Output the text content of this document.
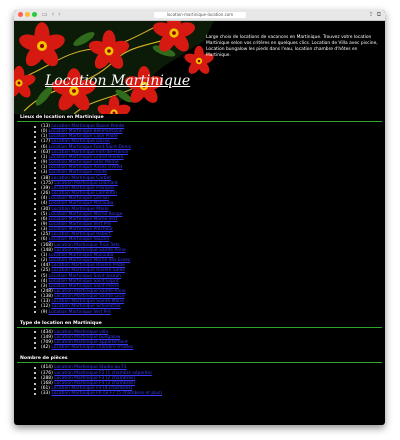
▭ ‹ ›	location-martinique-location.com	⇪ ⧉
Location Martinique
Large choix de locations de vacances en Martinique. Trouvez votre location Martinique selon vos critères en quelques clics. Location de Villa avec piscine, Location bungalow les pieds dans l'eau, location chambre d'hôtes en Martinique.
Lieux de location en Martinique
(13) Location Martinique Basse Pointe
(0) Location Martinique Bellefontaine
(1) Location Martinique Case Pilote
(17) Location Martinique Ducos
(6) Location Martinique Fond-Saint-Denis
(63) Location Martinique Fort-de-France
(1) Location Martinique Grand Rivière
(9) Location Martinique Gros Morne
(1) Location Martinique Anses d'Arlet
(3) Location Martinique Trinité
(38) Location Martinique Carbet
(175) Location Martinique Diamant
(39) Location Martinique François
(26) Location Martinique Lamentin
(4) Location Martinique Lorrain
(4) Location Martinique Macouba
(30) Location Martinique Marin
(5) Location Martinique Morne Rouge
(6) Location Martinique Morne Vert
(9) Location Martinique Vert Pré
(3) Location Martinique Prêcheur
(25) Location Martinique Robert
(6) Location Martinique Vauclin
(168) Location Martinique Trois Îlets
(148) Location Martinique Sainte Anne
(1) Location Martinique Macouba
(2) Location Martinique Morne des Esses
(44) Location Martinique Rivière Pilote
(25) Location Martinique Rivière Salée
(5) Location Martinique Saint-Joseph
(4) Location Martinique Saint Esprit
(3) Location Martinique Saint-Pierre
(248) Location Martinique Sainte-Anne
(138) Location Martinique Sainte Luce
(13) Location Martinique Sainte-Marie
(12) Location Martinique Schoelcher
(9) Location Martinique Vert Pré
Type de location en Martinique
(434) Location Martinique villa
(149) Location Martinique bungalow
(709) Location Martinique appartement
(42) Location Martinique chambre d'hôtes
Nombre de pièces
(414) Location Martinique Studio ou F1
(376) Location Martinique F2 (1 chambre séparée)
(288) Location Martinique F3 (2 chambres)
(168) Location Martinique F4 (3 chambres)
(61) Location Martinique F5 (4 chambres)
(33) Location Martinique F6 ou F7 (5 chambres et plus)
